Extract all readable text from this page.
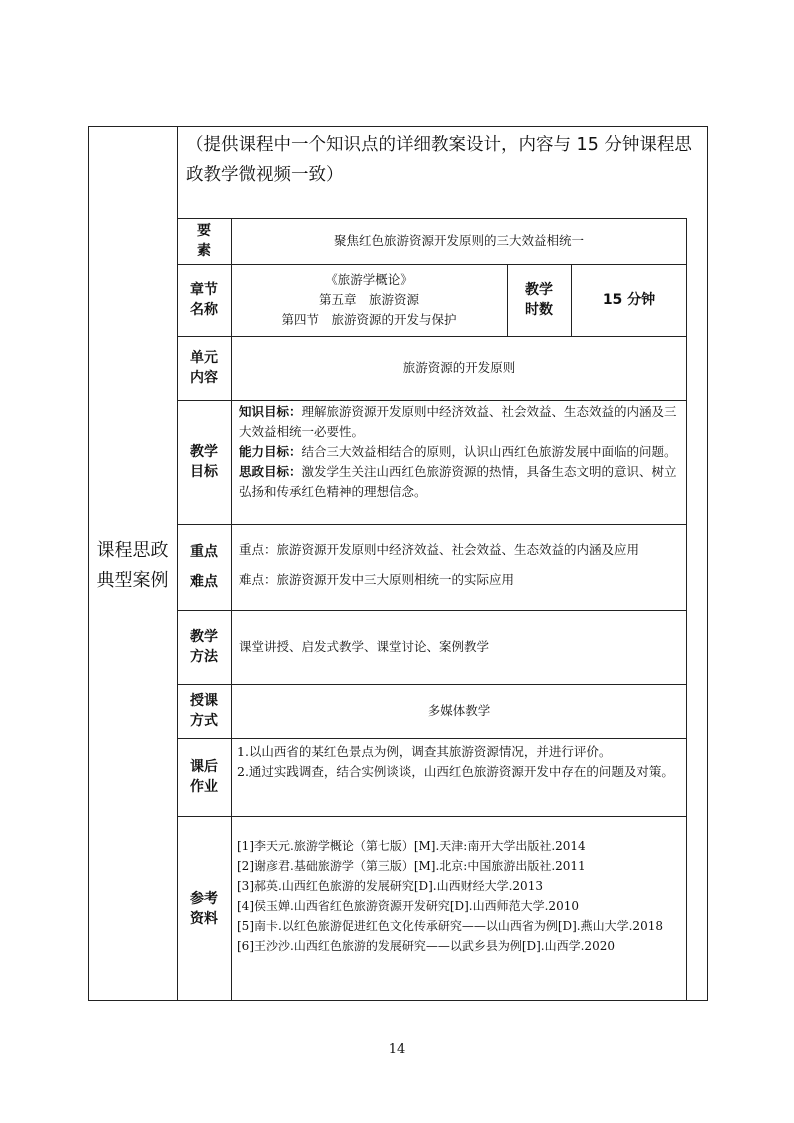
课程思政
典型案例
（提供课程中一个知识点的详细教案设计，内容与 15 分钟课程思政教学微视频一致）
要
素
聚焦红色旅游资源开发原则的三大效益相统一
章节
名称
《旅游学概论》
第五章　旅游资源
第四节　旅游资源的开发与保护
教学
时数
15 分钟
单元
内容
旅游资源的开发原则
教学
目标
知识目标：理解旅游资源开发原则中经济效益、社会效益、生态效益的内涵及三大效益相统一必要性。
能力目标：结合三大效益相结合的原则，认识山西红色旅游发展中面临的问题。
思政目标：激发学生关注山西红色旅游资源的热情，具备生态文明的意识、树立弘扬和传承红色精神的理想信念。
重点
难点
重点：旅游资源开发原则中经济效益、社会效益、生态效益的内涵及应用
难点：旅游资源开发中三大原则相统一的实际应用
教学
方法
课堂讲授、启发式教学、课堂讨论、案例教学
授课
方式
多媒体教学
课后
作业
1.以山西省的某红色景点为例，调查其旅游资源情况，并进行评价。
2.通过实践调查，结合实例谈谈，山西红色旅游资源开发中存在的问题及对策。
参考
资料
[1]李天元.旅游学概论（第七版）[M].天津:南开大学出版社.2014
[2]谢彦君.基础旅游学（第三版）[M].北京:中国旅游出版社.2011
[3]郝英.山西红色旅游的发展研究[D].山西财经大学.2013
[4]侯玉婵.山西省红色旅游资源开发研究[D].山西师范大学.2010
[5]南卡.以红色旅游促进红色文化传承研究——以山西省为例[D].燕山大学.2018
[6]王沙沙.山西红色旅游的发展研究——以武乡县为例[D].山西学.2020
14
